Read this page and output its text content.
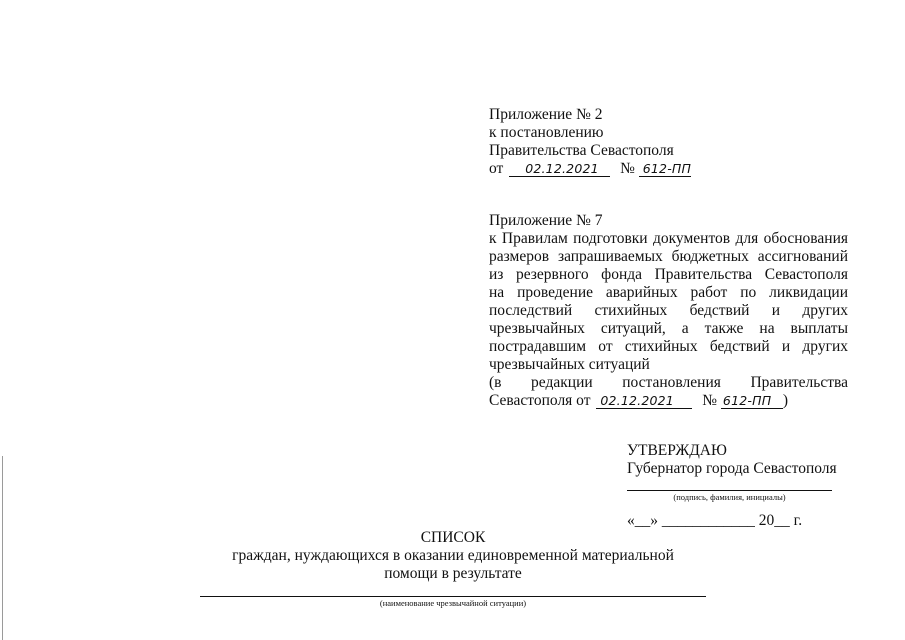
Приложение № 2
к постановлению
Правительства Севастополя
от 02.12.2021 № 612-ПП
Приложение № 7
к Правилам подготовки документов для обоснования
размеров запрашиваемых бюджетных ассигнований
из резервного фонда Правительства Севастополя
на проведение аварийных работ по ликвидации
последствий стихийных бедствий и других
чрезвычайных ситуаций, а также на выплаты
пострадавшим от стихийных бедствий и других
чрезвычайных ситуаций
(в редакции постановления Правительства
Севастополя от 02.12.2021 № 612-ПП )
УТВЕРЖДАЮ
Губернатор города Севастополя
(подпись, фамилия, инициалы)
«__» ____________ 20__ г.
СПИСОК
граждан, нуждающихся в оказании единовременной материальной
помощи в результате
(наименование чрезвычайной ситуации)
